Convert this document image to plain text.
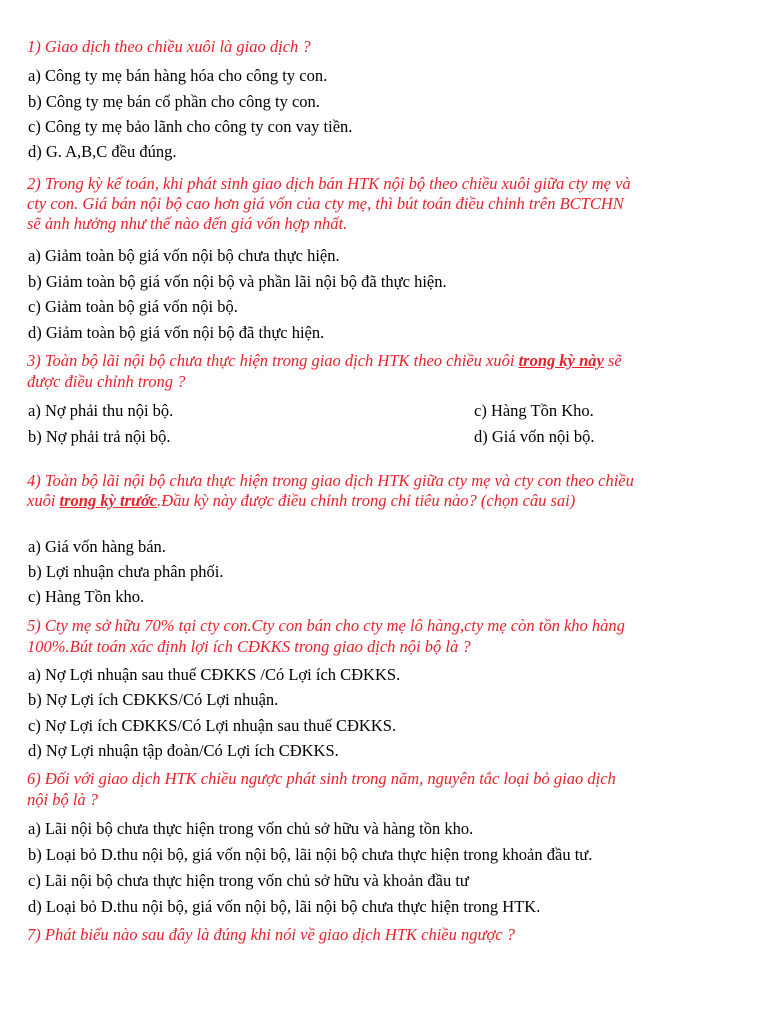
1) Giao dịch theo chiều xuôi là giao dịch ?
a) Công ty mẹ bán hàng hóa cho công ty con.
b) Công ty mẹ bán cổ phần cho công ty con.
c) Công ty mẹ bảo lãnh cho công ty con vay tiền.
d) G. A,B,C đều đúng.
2) Trong kỳ kế toán, khi phát sinh giao dịch bán HTK nội bộ theo chiều xuôi giữa cty mẹ và
cty con. Giá bán nội bộ cao hơn giá vốn của cty mẹ, thì bút toán điều chỉnh trên BCTCHN
sẽ ảnh hưởng như thế nào đến giá vốn hợp nhất.
a) Giảm toàn bộ giá vốn nội bộ chưa thực hiện.
b) Giảm toàn bộ giá vốn nội bộ và phần lãi nội bộ đã thực hiện.
c) Giảm toàn bộ giá vốn nội bộ.
d) Giảm toàn bộ giá vốn nội bộ đã thực hiện.
3) Toàn bộ lãi nội bộ chưa thực hiện trong giao dịch HTK theo chiều xuôi trong kỳ này sẽ
được điều chỉnh trong ?
a) Nợ phải thu nội bộ.
b) Nợ phải trả nội bộ.
c) Hàng Tồn Kho.
d) Giá vốn nội bộ.
4) Toàn bộ lãi nội bộ chưa thực hiện trong giao dịch HTK giữa cty mẹ và cty con theo chiều
xuôi trong kỳ trước.Đầu kỳ này được điều chỉnh trong chỉ tiêu nào? (chọn câu sai)
a) Giá vốn hàng bán.
b) Lợi nhuận chưa phân phối.
c) Hàng Tồn kho.
5) Cty mẹ sở hữu 70% tại cty con.Cty con bán cho cty mẹ lô hàng,cty mẹ còn tồn kho hàng
100%.Bút toán xác định lợi ích CĐKKS trong giao dịch nội bộ là ?
a) Nợ Lợi nhuận sau thuế CĐKKS /Có Lợi ích CĐKKS.
b) Nợ Lợi ích CĐKKS/Có Lợi nhuận.
c) Nợ Lợi ích CĐKKS/Có Lợi nhuận sau thuế CĐKKS.
d) Nợ Lợi nhuận tập đoàn/Có Lợi ích CĐKKS.
6) Đối với giao dịch HTK chiều ngược phát sinh trong năm, nguyên tắc loại bỏ giao dịch
nội bộ là ?
a) Lãi nội bộ chưa thực hiện trong vốn chủ sở hữu và hàng tồn kho.
b) Loại bỏ D.thu nội bộ, giá vốn nội bộ, lãi nội bộ chưa thực hiện trong khoản đầu tư.
c) Lãi nội bộ chưa thực hiện trong vốn chủ sở hữu và khoản đầu tư
d) Loại bỏ D.thu nội bộ, giá vốn nội bộ, lãi nội bộ chưa thực hiện trong HTK.
7) Phát biểu nào sau đây là đúng khi nói về giao dịch HTK chiều ngược ?
